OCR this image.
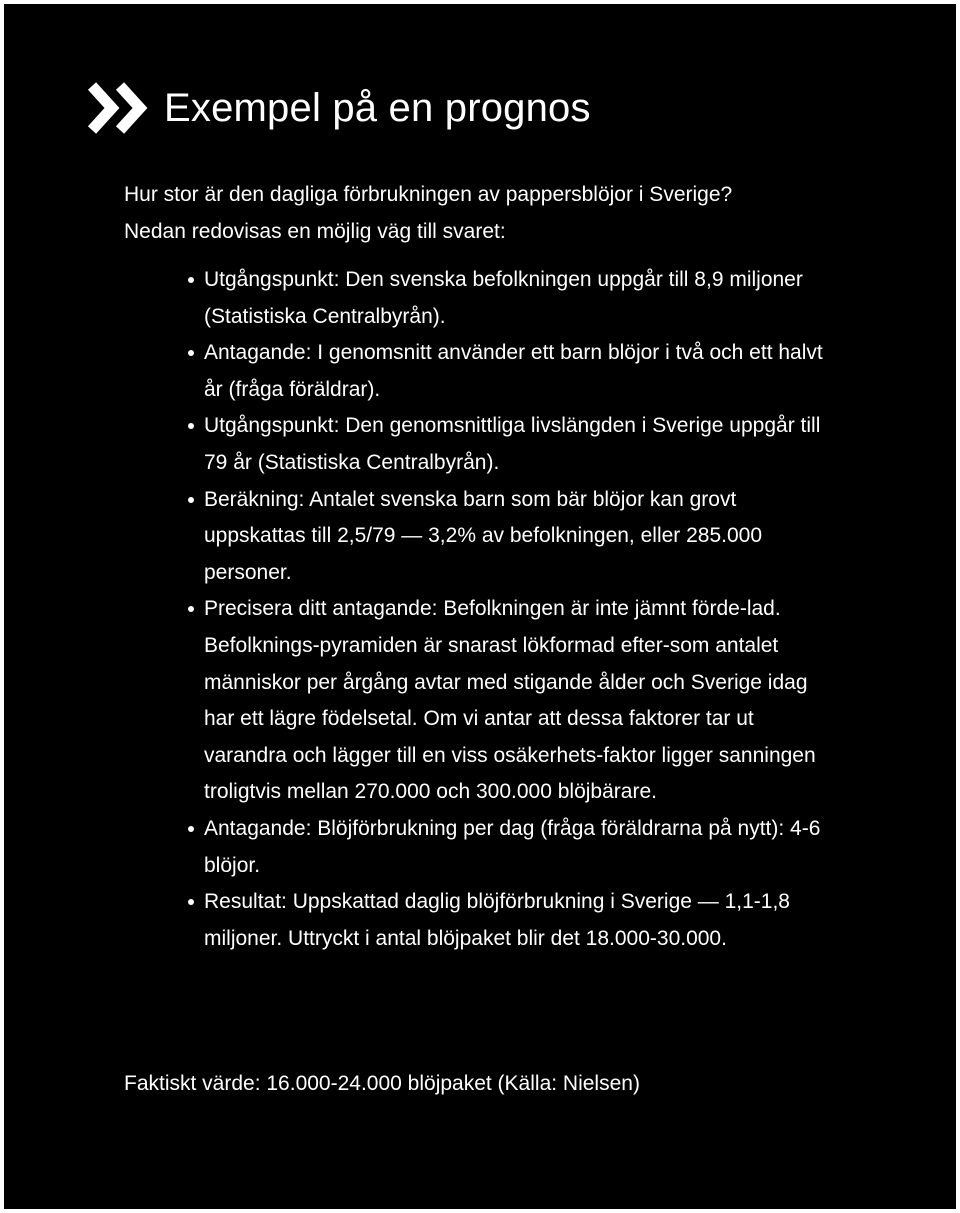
Exempel på en prognos

Hur stor är den dagliga förbrukningen av pappersblöjor i Sverige?
Nedan redovisas en möjlig väg till svaret:

Utgångspunkt: Den svenska befolkningen uppgår till 8,9 miljoner (Statistiska Centralbyrån).
Antagande: I genomsnitt använder ett barn blöjor i två och ett halvt år (fråga föräldrar).
Utgångspunkt: Den genomsnittliga livslängden i Sverige uppgår till 79 år (Statistiska Centralbyrån).
Beräkning: Antalet svenska barn som bär blöjor kan grovt uppskattas till 2,5/79 — 3,2% av befolkningen, eller 285.000 personer.
Precisera ditt antagande: Befolkningen är inte jämnt förde-lad. Befolknings-pyramiden är snarast lökformad efter-som antalet människor per årgång avtar med stigande ålder och Sverige idag har ett lägre födelsetal. Om vi antar att dessa faktorer tar ut varandra och lägger till en viss osäkerhets-faktor ligger sanningen troligtvis mellan 270.000 och 300.000 blöjbärare.
Antagande: Blöjförbrukning per dag (fråga föräldrarna på nytt): 4-6 blöjor.
Resultat: Uppskattad daglig blöjförbrukning i Sverige — 1,1-1,8 miljoner. Uttryckt i antal blöjpaket blir det 18.000-30.000.

Faktiskt värde: 16.000-24.000 blöjpaket (Källa: Nielsen)
